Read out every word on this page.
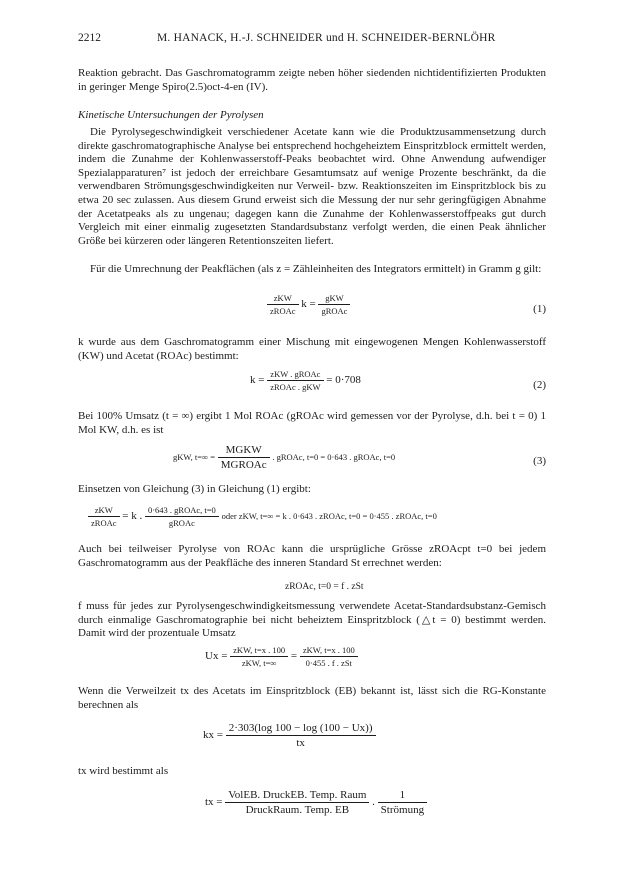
2212	M. HANACK, H.-J. SCHNEIDER und H. SCHNEIDER-BERNLÖHR
Reaktion gebracht. Das Gaschromatogramm zeigte neben höher siedenden nichtidentifizierten Produkten in geringer Menge Spiro(2.5)oct-4-en (IV).
Kinetische Untersuchungen der Pyrolysen
Die Pyrolysegeschwindigkeit verschiedener Acetate kann wie die Produktzusammensetzung durch direkte gaschromatographische Analyse bei entsprechend hochgeheiztem Einspritzblock ermittelt werden, indem die Zunahme der Kohlenwasserstoff-Peaks beobachtet wird. Ohne Anwendung aufwendiger Spezialapparaturen⁷ ist jedoch der erreichbare Gesamtumsatz auf wenige Prozente beschränkt, da die verwendbaren Strömungsgeschwindigkeiten nur Verweil- bzw. Reaktionszeiten im Einspritzblock bis zu etwa 20 sec zulassen. Aus diesem Grund erweist sich die Messung der nur sehr geringfügigen Abnahme der Acetatpeaks als zu ungenau; dagegen kann die Zunahme der Kohlenwasserstoffpeaks gut durch Vergleich mit einer einmalig zugesetzten Standardsubstanz verfolgt werden, die einen Peak ähnlicher Größe bei kürzeren oder längeren Retentionszeiten liefert.
Für die Umrechnung der Peakflächen (als z = Zähleinheiten des Integrators ermittelt) in Gramm g gilt:
$\frac{\text{zKW}}{\text{zROAc}}$ $k = \frac{\text{gKW}}{\text{gROAc}}$	(1)
k wurde aus dem Gaschromatogramm einer Mischung mit eingewogenen Mengen Kohlenwasserstoff (KW) und Acetat (ROAc) bestimmt:
$k = \frac{\text{zKW . gROAc}}{\text{zROAc . gKW}} = 0\cdot 708$	(2)
Bei 100% Umsatz (t = ∞) ergibt 1 Mol ROAc (gROAc wird gemessen vor der Pyrolyse, d.h. bei t = 0) 1 Mol KW, d.h. es ist
gKW, $t=\infty = \frac{\text{MGKW}}{\text{MGROAc}}$ . gROAc, t=0 = 0·643 . gROAc, t=0	(3)
Einsetzen von Gleichung (3) in Gleichung (1) ergibt:
$\frac{\text{zKW}}{\text{zROAc}} = k$ . $\frac{\text{0·643 . gROAc, t=0}}{\text{gROAc}}$ oder zKW, t=∞ = k . 0·643 . zROAc, t=0 = 0·455 . zROAc, t=0
Auch bei teilweiser Pyrolyse von ROAc kann die ursprügliche Grösse zROAcpt t=0 bei jedem Gaschromatogramm aus der Peakfläche des inneren Standard St errechnet werden:
zROAc, t=0 = f . zSt
f muss für jedes zur Pyrolysengeschwindigkeitsmessung verwendete Acetat-Standardsubstanz-Gemisch durch einmalige Gaschromatographie bei nicht beheiztem Einspritzblock (△t = 0) bestimmt werden. Damit wird der prozentuale Umsatz
$Ux = \frac{\text{zKW, t=x . 100}}{\text{zKW, t=∞}} = \frac{\text{zKW, t=x . 100}}{\text{0·455 . f . zSt}}$
Wenn die Verweilzeit tx des Acetats im Einspritzblock (EB) bekannt ist, lässt sich die RG-Konstante berechnen als
kx = $\frac{2\cdot 303(\log 100 - \log (100 - Ux))}{tx}$
tx wird bestimmt als
tx = $\frac{\text{VolEB. DruckEB. Temp. Raum}}{\text{DruckRaum. Temp. EB}}$ . $\frac{1}{\text{Strömung}}$
